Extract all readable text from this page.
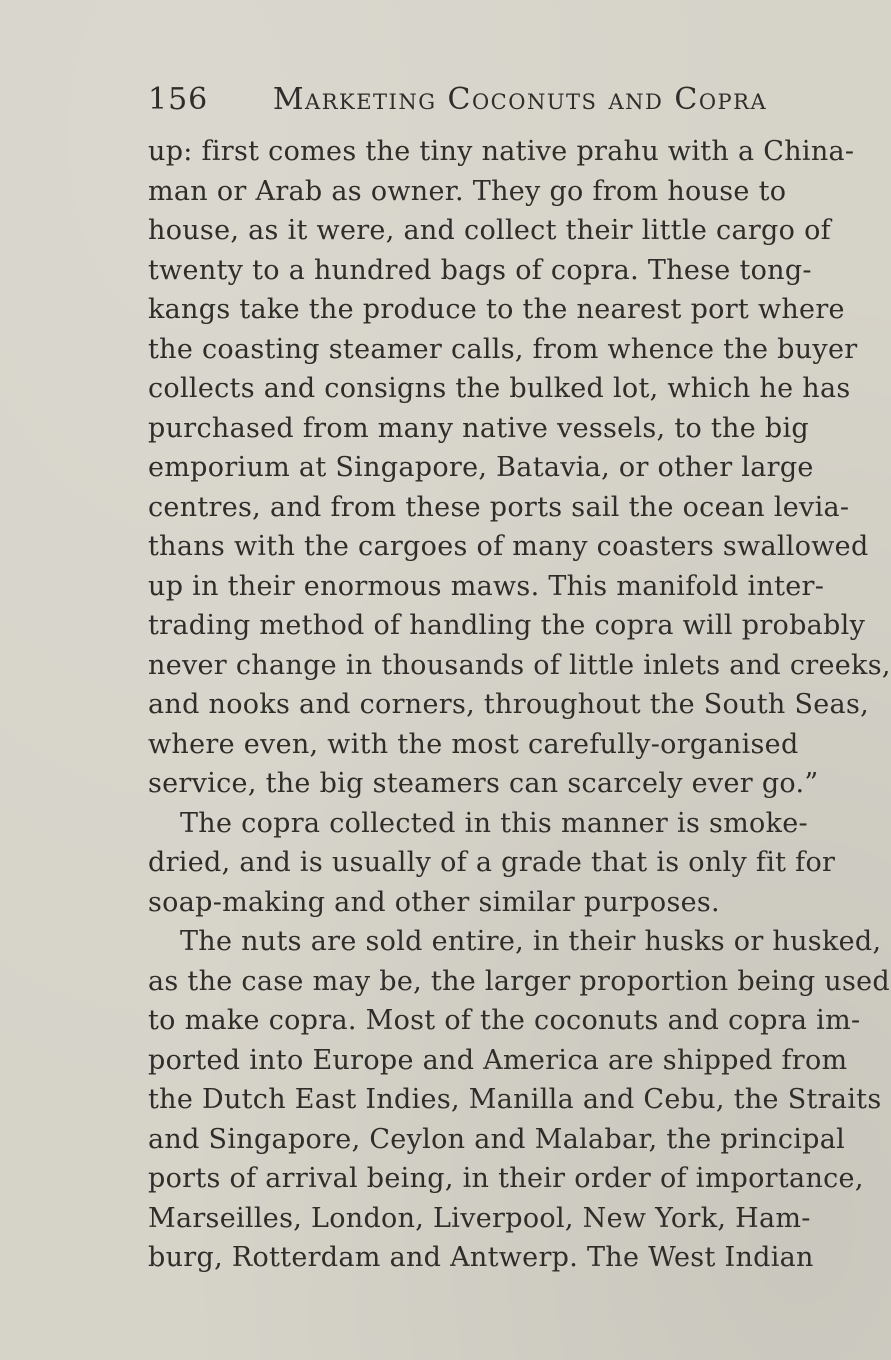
156 Marketing Coconuts and Copra
up: first comes the tiny native prahu with a China-
man or Arab as owner. They go from house to
house, as it were, and collect their little cargo of
twenty to a hundred bags of copra. These tong-
kangs take the produce to the nearest port where
the coasting steamer calls, from whence the buyer
collects and consigns the bulked lot, which he has
purchased from many native vessels, to the big
emporium at Singapore, Batavia, or other large
centres, and from these ports sail the ocean levia-
thans with the cargoes of many coasters swallowed
up in their enormous maws. This manifold inter-
trading method of handling the copra will probably
never change in thousands of little inlets and creeks,
and nooks and corners, throughout the South Seas,
where even, with the most carefully-organised
service, the big steamers can scarcely ever go.”
The copra collected in this manner is smoke-
dried, and is usually of a grade that is only fit for
soap-making and other similar purposes.
The nuts are sold entire, in their husks or husked,
as the case may be, the larger proportion being used
to make copra. Most of the coconuts and copra im-
ported into Europe and America are shipped from
the Dutch East Indies, Manilla and Cebu, the Straits
and Singapore, Ceylon and Malabar, the principal
ports of arrival being, in their order of importance,
Marseilles, London, Liverpool, New York, Ham-
burg, Rotterdam and Antwerp. The West Indian
